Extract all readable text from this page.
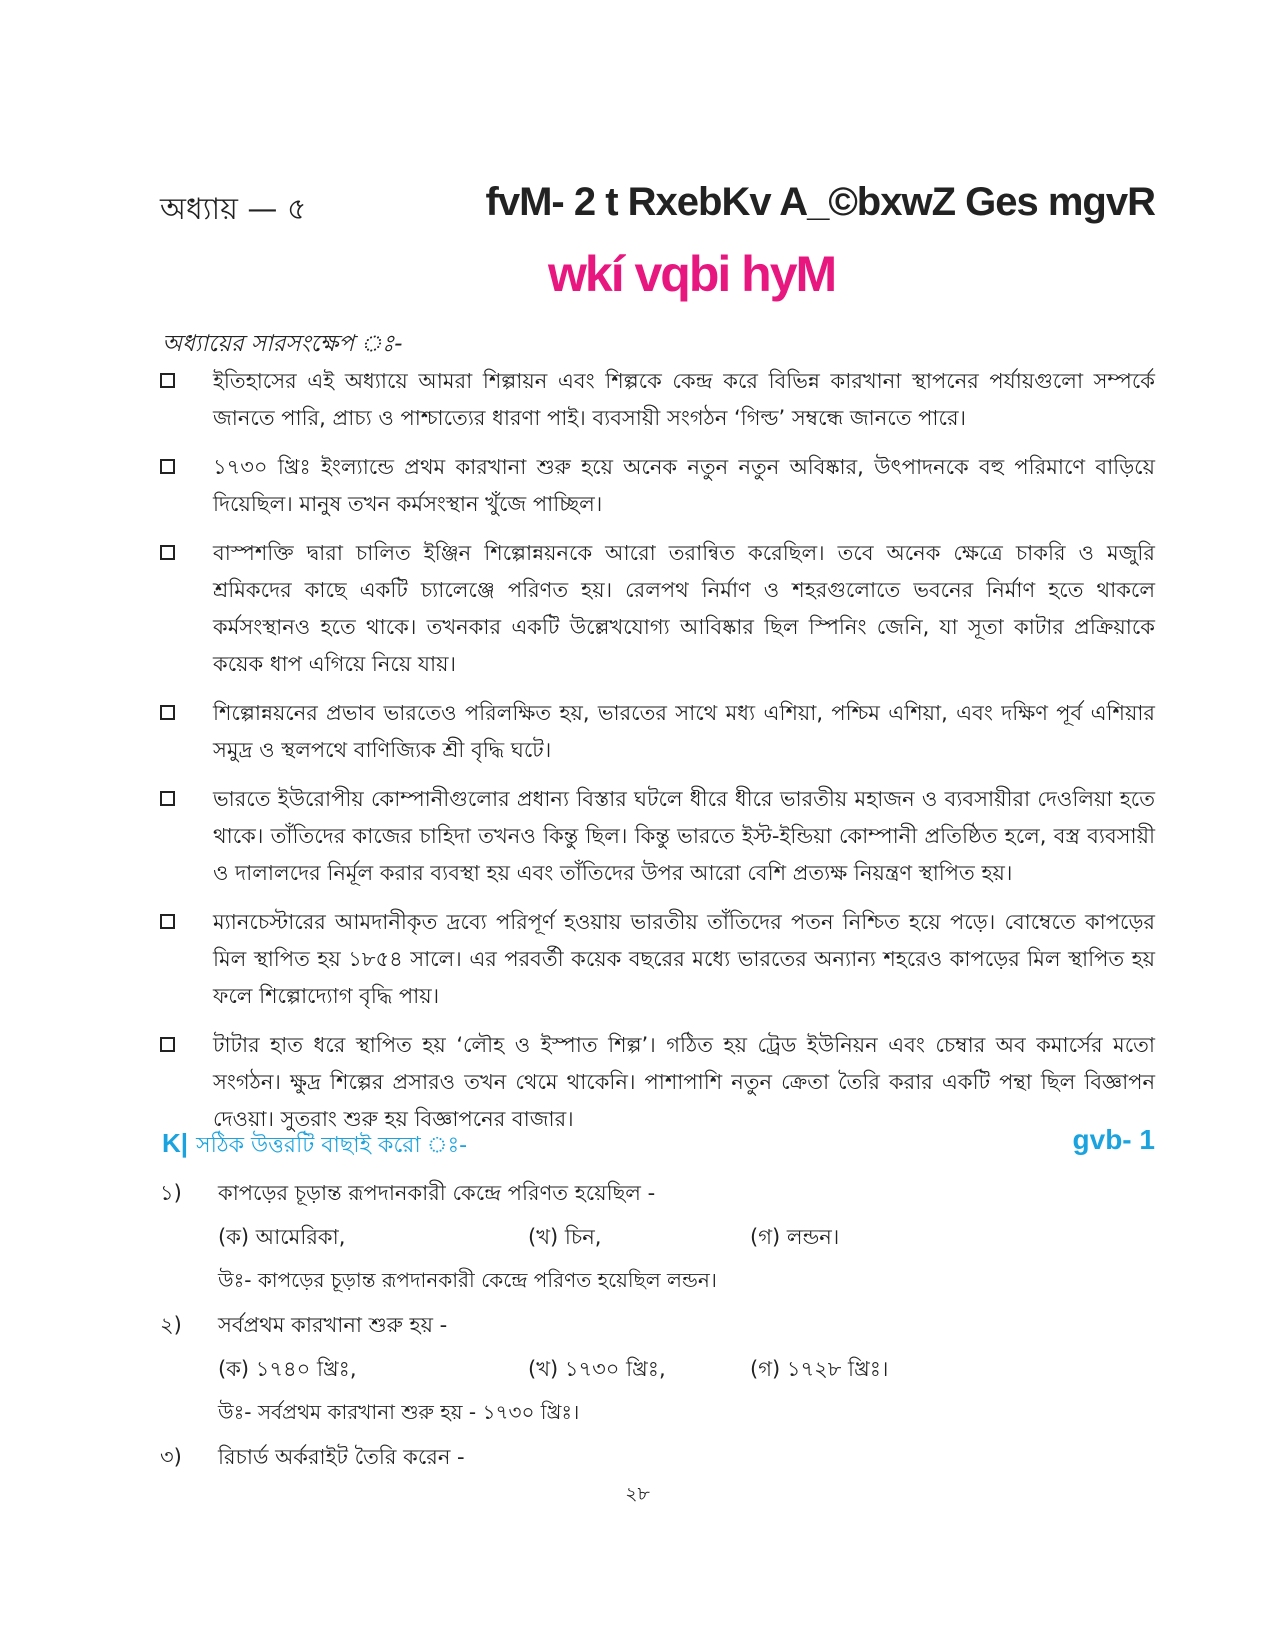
অধ্যায় — ৫	fvM- 2 t RxebKv A_©bxwZ Ges mgvR
wkí vqbi hyM
অধ্যায়ের সারসংক্ষেপ ঃ-
ইতিহাসের এই অধ্যায়ে আমরা শিল্পায়ন এবং শিল্পকে কেন্দ্র করে বিভিন্ন কারখানা স্থাপনের পর্যায়গুলো সম্পর্কে জানতে পারি, প্রাচ্য ও পাশ্চাত্যের ধারণা পাই। ব্যবসায়ী সংগঠন ‘গিল্ড’ সম্বন্ধে জানতে পারে।
১৭৩০ খ্রিঃ ইংল্যান্ডে প্রথম কারখানা শুরু হয়ে অনেক নতুন নতুন অবিষ্কার, উৎপাদনকে বহু পরিমাণে বাড়িয়ে দিয়েছিল। মানুষ তখন কর্মসংস্থান খুঁজে পাচ্ছিল।
বাস্পশক্তি দ্বারা চালিত ইঞ্জিন শিল্পোন্নয়নকে আরো তরান্বিত করেছিল। তবে অনেক ক্ষেত্রে চাকরি ও মজুরি শ্রমিকদের কাছে একটি চ্যালেঞ্জে পরিণত হয়। রেলপথ নির্মাণ ও শহরগুলোতে ভবনের নির্মাণ হতে থাকলে কর্মসংস্থানও হতে থাকে। তখনকার একটি উল্লেখযোগ্য আবিষ্কার ছিল স্পিনিং জেনি, যা সূতা কাটার প্রক্রিয়াকে কয়েক ধাপ এগিয়ে নিয়ে যায়।
শিল্পোন্নয়নের প্রভাব ভারতেও পরিলক্ষিত হয়, ভারতের সাথে মধ্য এশিয়া, পশ্চিম এশিয়া, এবং দক্ষিণ পূর্ব এশিয়ার সমুদ্র ও স্থলপথে বাণিজ্যিক শ্রী বৃদ্ধি ঘটে।
ভারতে ইউরোপীয় কোম্পানীগুলোর প্রধান্য বিস্তার ঘটলে ধীরে ধীরে ভারতীয় মহাজন ও ব্যবসায়ীরা দেওলিয়া হতে থাকে। তাঁতিদের কাজের চাহিদা তখনও কিন্তু ছিল। কিন্তু ভারতে ইস্ট-ইন্ডিয়া কোম্পানী প্রতিষ্ঠিত হলে, বস্ত্র ব্যবসায়ী ও দালালদের নির্মূল করার ব্যবস্থা হয় এবং তাঁতিদের উপর আরো বেশি প্রত্যক্ষ নিয়ন্ত্রণ স্থাপিত হয়।
ম্যানচেস্টারের আমদানীকৃত দ্রব্যে পরিপূর্ণ হওয়ায় ভারতীয় তাঁতিদের পতন নিশ্চিত হয়ে পড়ে। বোম্বেতে কাপড়ের মিল স্থাপিত হয় ১৮৫৪ সালে। এর পরবর্তী কয়েক বছরের মধ্যে ভারতের অন্যান্য শহরেও কাপড়ের মিল স্থাপিত হয় ফলে শিল্পোদ্যোগ বৃদ্ধি পায়।
টাটার হাত ধরে স্থাপিত হয় ‘লৌহ ও ইস্পাত শিল্প’। গঠিত হয় ট্রেড ইউনিয়ন এবং চেম্বার অব কমার্সের মতো সংগঠন। ক্ষুদ্র শিল্পের প্রসারও তখন থেমে থাকেনি। পাশাপাশি নতুন ক্রেতা তৈরি করার একটি পন্থা ছিল বিজ্ঞাপন দেওয়া। সুতরাং শুরু হয় বিজ্ঞাপনের বাজার।
K| সঠিক উত্তরটি বাছাই করো ঃ-	gvb- 1
১)	কাপড়ের চূড়ান্ত রূপদানকারী কেন্দ্রে পরিণত হয়েছিল -
(ক) আমেরিকা,	(খ) চিন,	(গ) লন্ডন।
উঃ- কাপড়ের চূড়ান্ত রূপদানকারী কেন্দ্রে পরিণত হয়েছিল লন্ডন।
২)	সর্বপ্রথম কারখানা শুরু হয় -
(ক) ১৭৪০ খ্রিঃ,	(খ) ১৭৩০ খ্রিঃ,	(গ) ১৭২৮ খ্রিঃ।
উঃ- সর্বপ্রথম কারখানা শুরু হয় - ১৭৩০ খ্রিঃ।
৩)	রিচার্ড অর্করাইট তৈরি করেন -
২৮
